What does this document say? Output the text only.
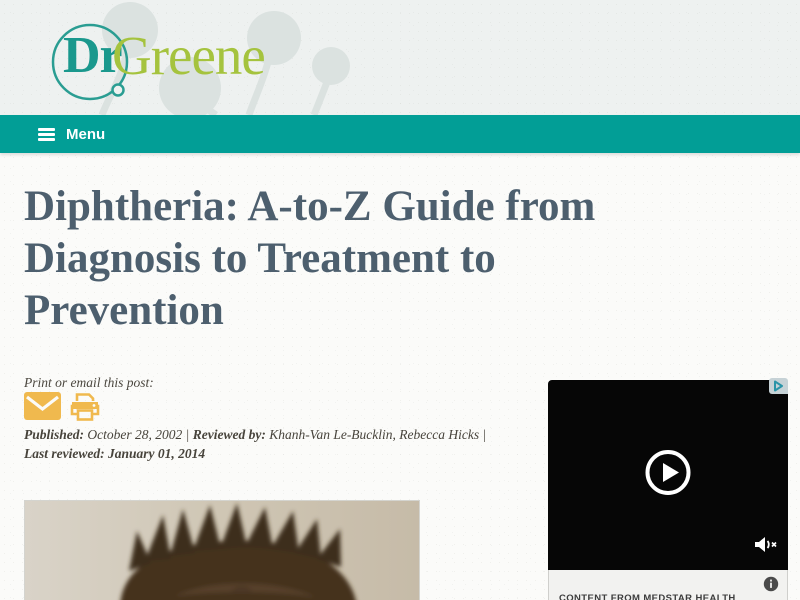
Dr
Greene
Menu
Diphtheria: A-to-Z Guide from
Diagnosis to Treatment to
Prevention
Print or email this post:
Published: October 28, 2002 | Reviewed by: Khanh-Van Le-Bucklin, Rebecca Hicks | Last reviewed: January 01, 2014
CONTENT FROM MEDSTAR HEALTH
